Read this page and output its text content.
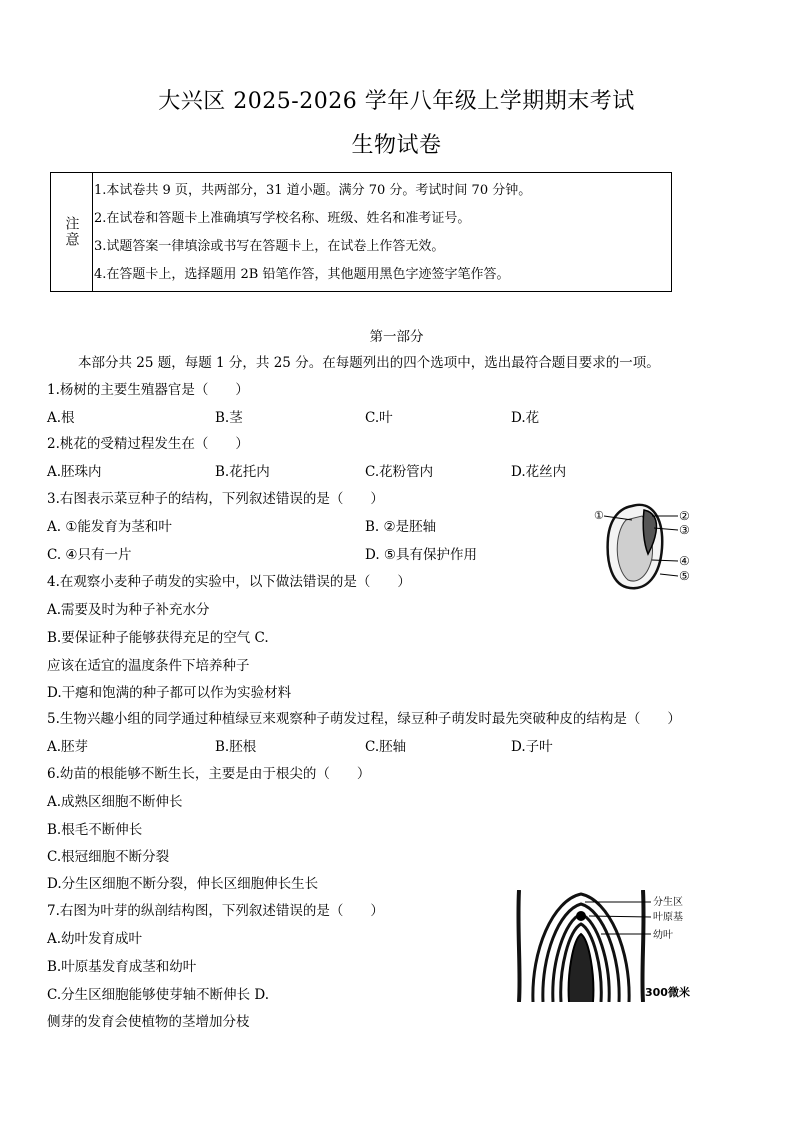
大兴区 2025-2026 学年八年级上学期期末考试
生物试卷
注意
1.本试卷共 9 页，共两部分，31 道小题。满分 70 分。考试时间 70 分钟。
2.在试卷和答题卡上准确填写学校名称、班级、姓名和准考证号。
3.试题答案一律填涂或书写在答题卡上，在试卷上作答无效。
4.在答题卡上，选择题用 2B 铅笔作答，其他题用黑色字迹签字笔作答。
第一部分
本部分共 25 题，每题 1 分，共 25 分。在每题列出的四个选项中，选出最符合题目要求的一项。
1.杨树的主要生殖器官是（　　）
A.根	B.茎	C.叶	D.花
2.桃花的受精过程发生在（　　）
A.胚珠内	B.花托内	C.花粉管内	D.花丝内
3.右图表示菜豆种子的结构，下列叙述错误的是（　　）
A. ①能发育为茎和叶	B. ②是胚轴
C. ④只有一片	D. ⑤具有保护作用
①	②
③
④
⑤
4.在观察小麦种子萌发的实验中，以下做法错误的是（　　）
A.需要及时为种子补充水分
B.要保证种子能够获得充足的空气 C.
应该在适宜的温度条件下培养种子
D.干瘪和饱满的种子都可以作为实验材料
5.生物兴趣小组的同学通过种植绿豆来观察种子萌发过程，绿豆种子萌发时最先突破种皮的结构是（　　）
A.胚芽	B.胚根	C.胚轴	D.子叶
6.幼苗的根能够不断生长，主要是由于根尖的（　　）
A.成熟区细胞不断伸长
B.根毛不断伸长
C.根冠细胞不断分裂
D.分生区细胞不断分裂，伸长区细胞伸长生长
7.右图为叶芽的纵剖结构图，下列叙述错误的是（　　）
A.幼叶发育成叶
B.叶原基发育成茎和幼叶
C.分生区细胞能够使芽轴不断伸长 D.
侧芽的发育会使植物的茎增加分枝
分生区
叶原基
幼叶
300微米
